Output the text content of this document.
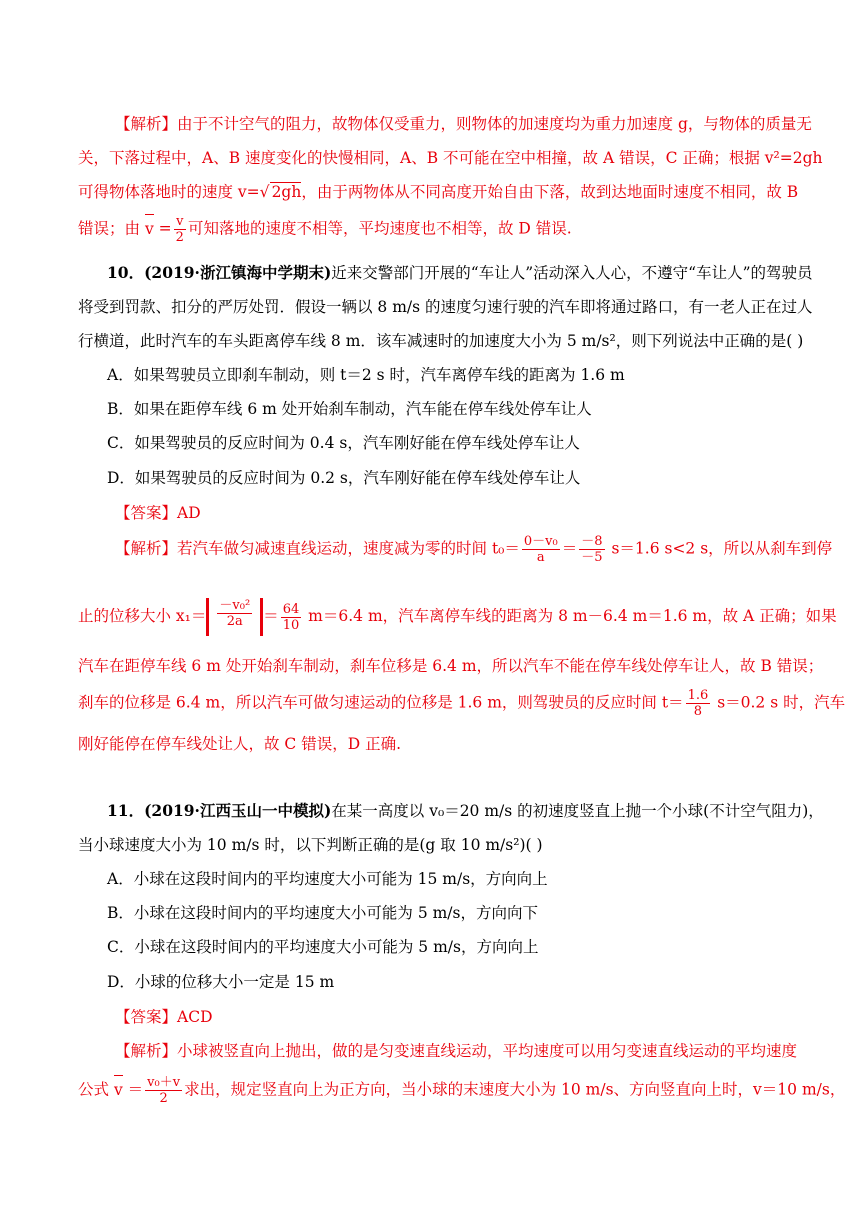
【解析】由于不计空气的阻力，故物体仅受重力，则物体的加速度均为重力加速度 g，与物体的质量无
关，下落过程中，A、B 速度变化的快慢相同，A、B 不可能在空中相撞，故 A 错误，C 正确；根据 v²=2gh
可得物体落地时的速度 v=√ 2gh，由于两物体从不同高度开始自由下落，故到达地面时速度不相同，故 B
错误；由 $v = \frac{v}{2}$ 可知落地的速度不相等，平均速度也不相等，故 D 错误.
10．(2019·浙江镇海中学期末)近来交警部门开展的“车让人”活动深入人心，不遵守“车让人”的驾驶员
将受到罚款、扣分的严厉处罚．假设一辆以 8 m/s 的速度匀速行驶的汽车即将通过路口，有一老人正在过人
行横道，此时汽车的车头距离停车线 8 m．该车减速时的加速度大小为 5 m/s²，则下列说法中正确的是( )
A．如果驾驶员立即刹车制动，则 t＝2 s 时，汽车离停车线的距离为 1.6 m
B．如果在距停车线 6 m 处开始刹车制动，汽车能在停车线处停车让人
C．如果驾驶员的反应时间为 0.4 s，汽车刚好能在停车线处停车让人
D．如果驾驶员的反应时间为 0.2 s，汽车刚好能在停车线处停车让人
【答案】AD
【解析】若汽车做匀减速直线运动，速度减为零的时间 $t_0= \frac{\text{0－v₀}}{a} = \frac{-8}{-5} s=1.6$ s<2 s，所以从刹车到停
止的位移大小 $x_1= \frac{\text{－v₀²}}{2a} = \frac{64}{10} m=6.4$ m，汽车离停车线的距离为 8 m－6.4 m＝1.6 m，故 A 正确；如果
汽车在距停车线 6 m 处开始刹车制动，刹车位移是 6.4 m，所以汽车不能在停车线处停车让人，故 B 错误；
刹车的位移是 6.4 m，所以汽车可做匀速运动的位移是 1.6 m，则驾驶员的反应时间 $t= \frac{1.6}{8} s=0.2$ s 时，汽车
刚好能停在停车线处让人，故 C 错误，D 正确.
11．(2019·江西玉山一中模拟)在某一高度以 v₀＝20 m/s 的初速度竖直上抛一个小球(不计空气阻力)，
当小球速度大小为 10 m/s 时，以下判断正确的是(g 取 10 m/s²)( )
A．小球在这段时间内的平均速度大小可能为 15 m/s，方向向上
B．小球在这段时间内的平均速度大小可能为 5 m/s，方向向下
C．小球在这段时间内的平均速度大小可能为 5 m/s，方向向上
D．小球的位移大小一定是 15 m
【答案】ACD
【解析】小球被竖直向上抛出，做的是匀变速直线运动，平均速度可以用匀变速直线运动的平均速度
公式 $v = \frac{\text{v₀＋v}}{2}$ 求出，规定竖直向上为正方向，当小球的末速度大小为 10 m/s、方向竖直向上时，v＝10 m/s，
